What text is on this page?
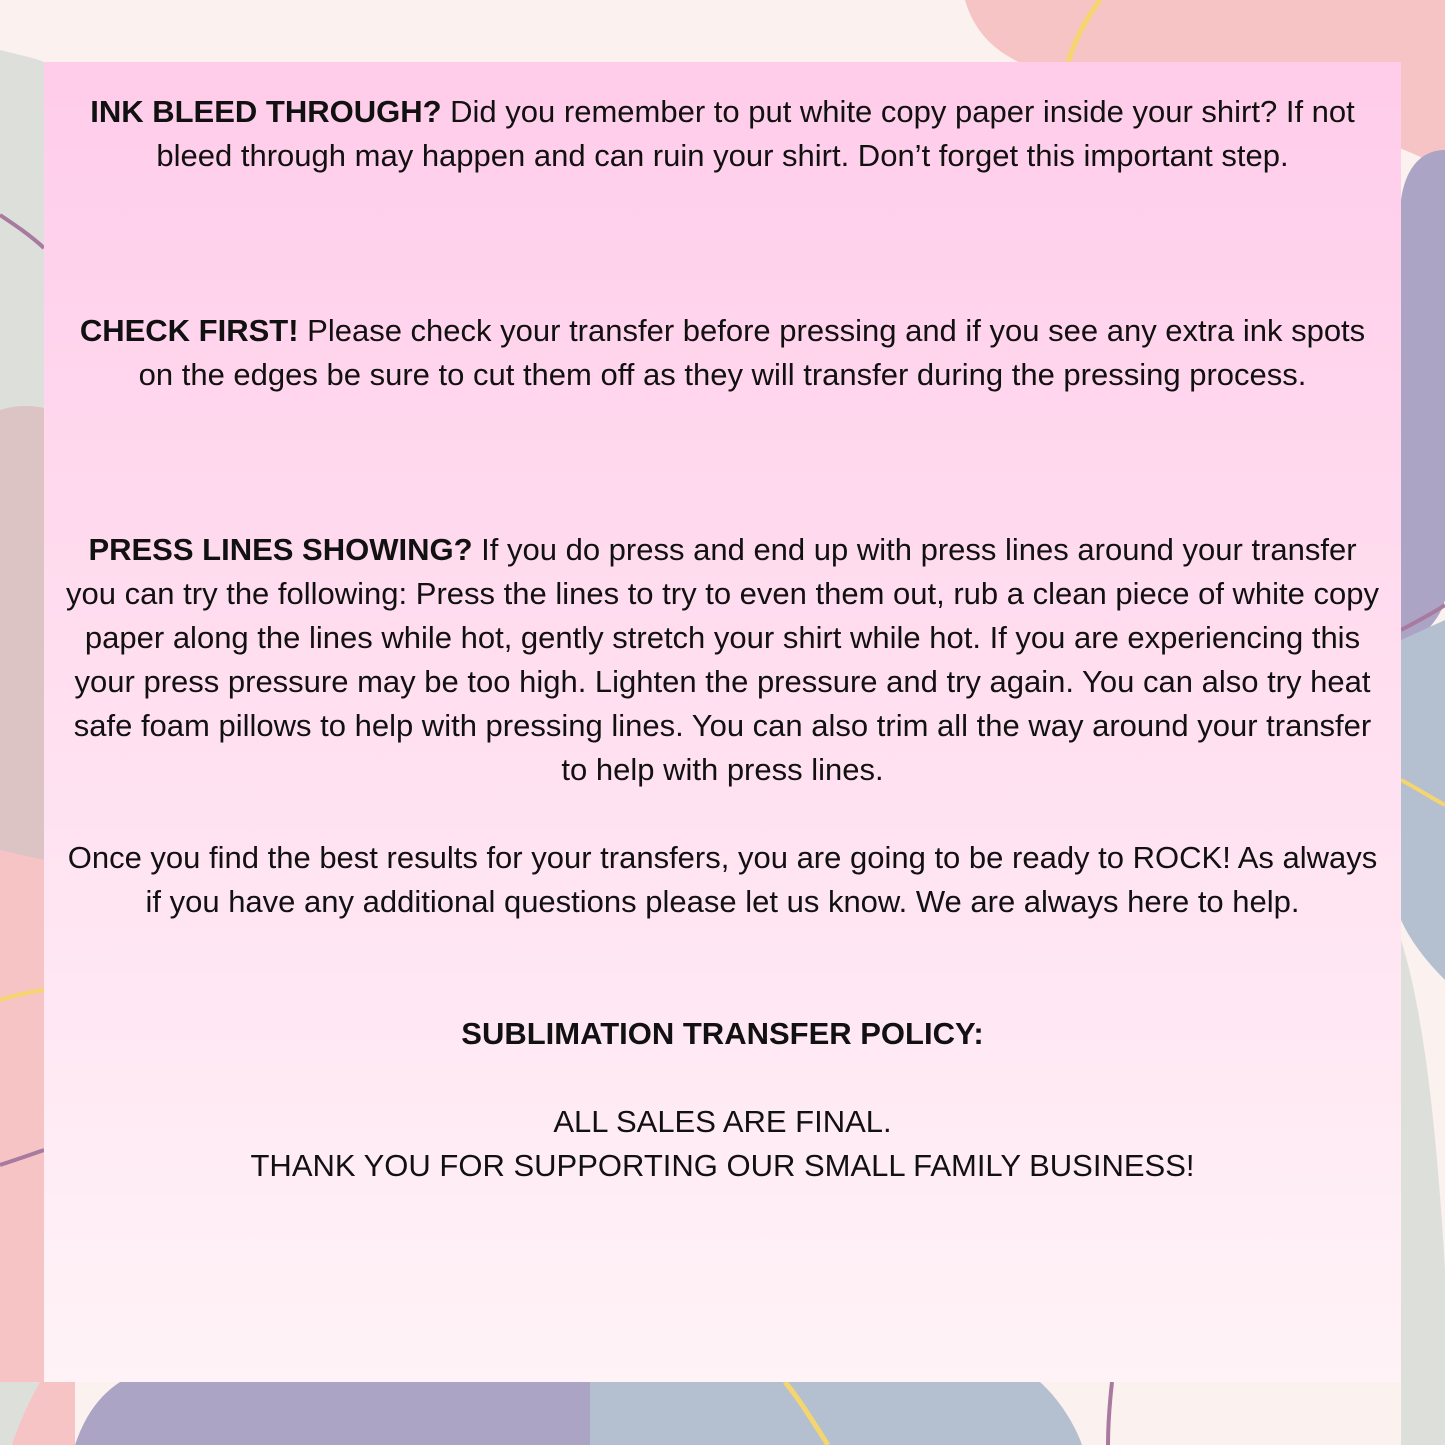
INK BLEED THROUGH? Did you remember to put white copy paper inside your shirt? If not bleed through may happen and can ruin your shirt. Don’t forget this important step.

CHECK FIRST! Please check your transfer before pressing and if you see any extra ink spots on the edges be sure to cut them off as they will transfer during the pressing process.

PRESS LINES SHOWING? If you do press and end up with press lines around your transfer you can try the following: Press the lines to try to even them out, rub a clean piece of white copy paper along the lines while hot, gently stretch your shirt while hot. If you are experiencing this your press pressure may be too high. Lighten the pressure and try again. You can also try heat safe foam pillows to help with pressing lines. You can also trim all the way around your transfer to help with press lines.

Once you find the best results for your transfers, you are going to be ready to ROCK! As always if you have any additional questions please let us know. We are always here to help.

SUBLIMATION TRANSFER POLICY:

ALL SALES ARE FINAL.

THANK YOU FOR SUPPORTING OUR SMALL FAMILY BUSINESS!
